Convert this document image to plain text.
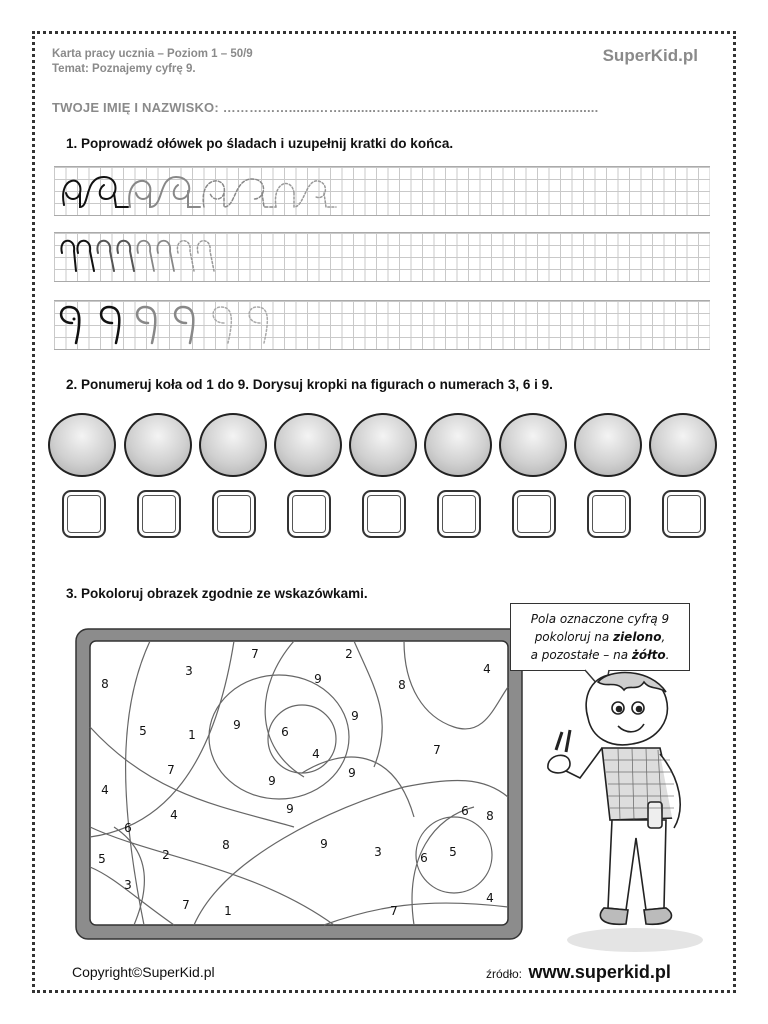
Karta pracy ucznia – Poziom 1 – 50/9
Temat: Poznajemy cyfrę 9.
SuperKid.pl
TWOJE IMIĘ I NAZWISKO: …………….......…….........…...…………......................................
1. Poprowadź ołówek po śladach i uzupełnij kratki do końca.
2. Ponumeruj koła od 1 do 9. Dorysuj kropki na figurach o numerach 3, 6 i 9.
3. Pokoloruj obrazek zgodnie ze wskazówkami.
7	2
3
9	8
4
8
9
5	1
9	6
4	7
9
7
9
4
9	6
4	8
9
3	6 5
6
8
5	2
3
7	1	7
4
Pola oznaczone cyfrą 9
pokoloruj na zielono,
a pozostałe – na żółto.
Copyright©SuperKid.pl	źródło: www.superkid.pl
